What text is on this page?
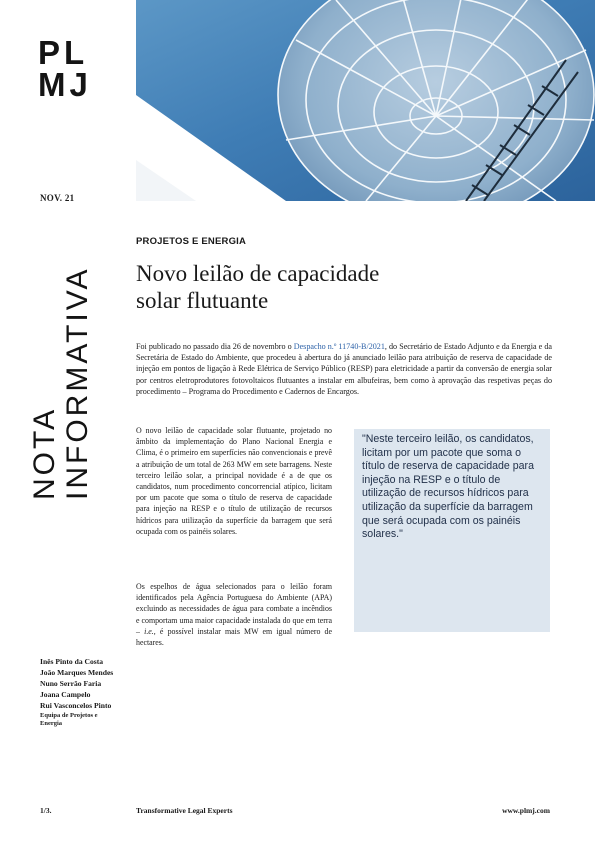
PL
MJ
NOV. 21
NOTA INFORMATIVA
PROJETOS E ENERGIA
Novo leilão de capacidade
solar flutuante

Foi publicado no passado dia 26 de novembro o Despacho n.º 11740-B/2021, do Secretário de Estado Adjunto e da Energia e da Secretária de Estado do Ambiente, que procedeu à abertura do já anunciado leilão para atribuição de reserva de capacidade de injeção em pontos de ligação à Rede Elétrica de Serviço Público (RESP) para eletricidade a partir da conversão de energia solar por centros eletroprodutores fotovoltaicos flutuantes a instalar em albufeiras, bem como à aprovação das respetivas peças do procedimento – Programa do Procedimento e Cadernos de Encargos.

O novo leilão de capacidade solar flutuante, projetado no âmbito da implementação do Plano Nacional Energia e Clima, é o primeiro em superfícies não convencionais e prevê a atribuição de um total de 263 MW em sete barragens. Neste terceiro leilão solar, a principal novidade é a de que os candidatos, num procedimento concorrencial atípico, licitam por um pacote que soma o título de reserva de capacidade para injeção na RESP e o título de utilização de recursos hídricos para utilização da superfície da barragem que será ocupada com os painéis solares.

Os espelhos de água selecionados para o leilão foram identificados pela Agência Portuguesa do Ambiente (APA) excluindo as necessidades de água para combate a incêndios e comportam uma maior capacidade instalada do que em terra – i.e., é possível instalar mais MW em igual número de hectares.

"Neste terceiro leilão, os candidatos, licitam por um pacote que soma o título de reserva de capacidade para injeção na RESP e o título de utilização de recursos hídricos para utilização da superfície da barragem que será ocupada com os painéis solares."
Inês Pinto da Costa
João Marques Mendes
Nuno Serrão Faria
Joana Campelo
Rui Vasconcelos Pinto
Equipa de Projetos e Energia
1/3.	Transformative Legal Experts	www.plmj.com
